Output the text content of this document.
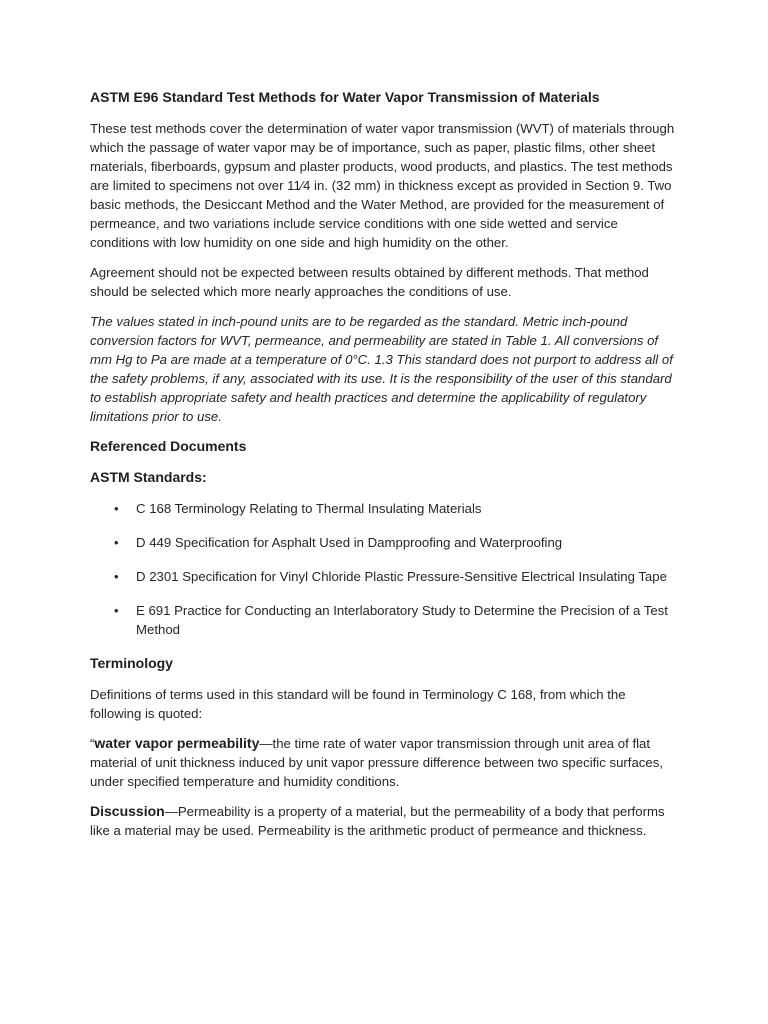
ASTM E96 Standard Test Methods for Water Vapor Transmission of Materials

These test methods cover the determination of water vapor transmission (WVT) of materials through which the passage of water vapor may be of importance, such as paper, plastic films, other sheet materials, fiberboards, gypsum and plaster products, wood products, and plastics. The test methods are limited to specimens not over 11⁄4 in. (32 mm) in thickness except as provided in Section 9. Two basic methods, the Desiccant Method and the Water Method, are provided for the measurement of permeance, and two variations include service conditions with one side wetted and service conditions with low humidity on one side and high humidity on the other.

Agreement should not be expected between results obtained by different methods. That method should be selected which more nearly approaches the conditions of use.

The values stated in inch-pound units are to be regarded as the standard. Metric inch-pound conversion factors for WVT, permeance, and permeability are stated in Table 1. All conversions of mm Hg to Pa are made at a temperature of 0°C. 1.3 This standard does not purport to address all of the safety problems, if any, associated with its use. It is the responsibility of the user of this standard to establish appropriate safety and health practices and determine the applicability of regulatory limitations prior to use.

Referenced Documents
ASTM Standards:
• C 168 Terminology Relating to Thermal Insulating Materials
• D 449 Specification for Asphalt Used in Dampproofing and Waterproofing
• D 2301 Specification for Vinyl Chloride Plastic Pressure-Sensitive Electrical Insulating Tape
• E 691 Practice for Conducting an Interlaboratory Study to Determine the Precision of a Test Method
Terminology

Definitions of terms used in this standard will be found in Terminology C 168, from which the following is quoted:

“water vapor permeability—the time rate of water vapor transmission through unit area of flat material of unit thickness induced by unit vapor pressure difference between two specific surfaces, under specified temperature and humidity conditions.

Discussion—Permeability is a property of a material, but the permeability of a body that performs like a material may be used. Permeability is the arithmetic product of permeance and thickness.
